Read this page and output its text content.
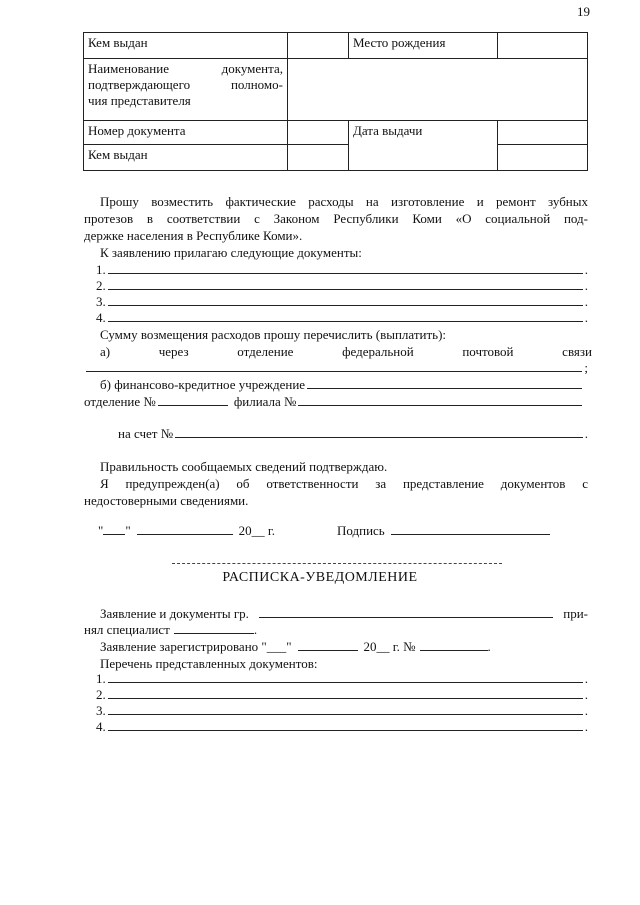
19
Кем выдан		Место рождения	

Наименование документа,
подтверждающего полномо-
чия представителя			

Номер документа		Дата выдачи	
Кем выдан			
Прошу возместить фактические расходы на изготовление и ремонт зубных
протезов в соответствии с Законом Республики Коми «О социальной под-
держке населения в Республике Коми».
К заявлению прилагаю следующие документы:
1.	.
2.	.
3.	.
4.	.
Сумму возмещения расходов прошу перечислить (выплатить):
а)	через	отделение	федеральной	почтовой	связи
;
б) финансово-кредитное учреждение
отделение №	филиала №
на счет №	.
Правильность сообщаемых сведений подтверждаю.
Я предупрежден(а) об ответственности за представление документов с
недостоверными сведениями.
" "	20__ г.	Подпись
РАСПИСКА-УВЕДОМЛЕНИЕ
Заявление и документы гр.	при-
нял специалист	.
Заявление зарегистрировано "___"	20__ г. №	.
Перечень представленных документов:
1.	.
2.	.
3.	.
4.	.
